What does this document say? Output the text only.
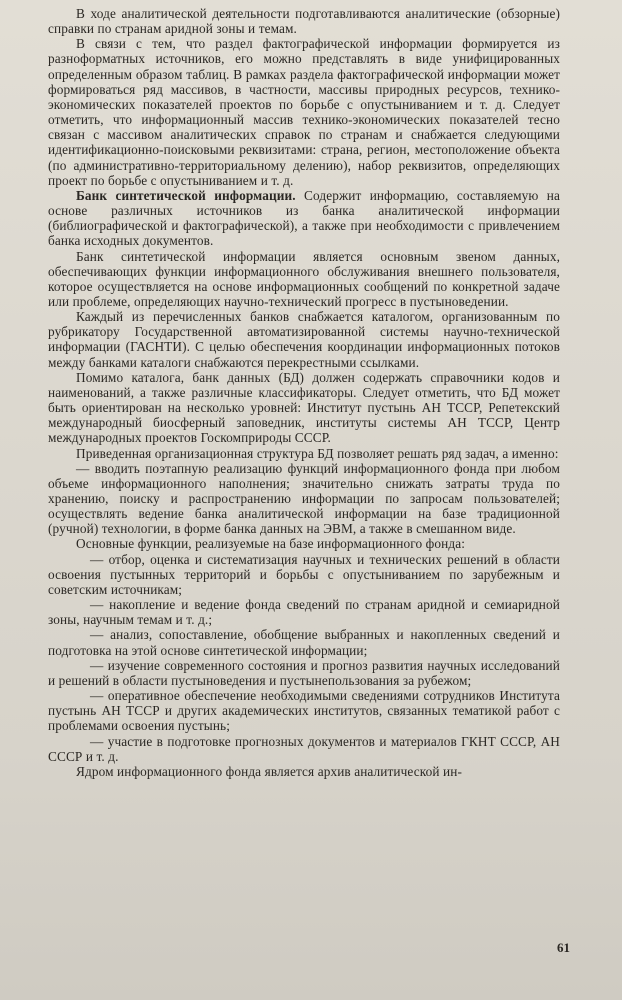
В ходе аналитической деятельности подготавливаются аналитические (обзорные) справки по странам аридной зоны и темам.

В связи с тем, что раздел фактографической информации формируется из разноформатных источников, его можно представлять в виде унифицированных определенным образом таблиц. В рамках раздела фактографической информации может формироваться ряд массивов, в частности, массивы природных ресурсов, технико-экономических показателей проектов по борьбе с опустыниванием и т. д. Следует отметить, что информационный массив технико-экономических показателей тесно связан с массивом аналитических справок по странам и снабжается следующими идентификационно-поисковыми реквизитами: страна, регион, местоположение объекта (по административно-территориальному делению), набор реквизитов, определяющих проект по борьбе с опустыниванием и т. д.

Банк синтетической информации. Содержит информацию, составляемую на основе различных источников из банка аналитической информации (библиографической и фактографической), а также при необходимости с привлечением банка исходных документов.

Банк синтетической информации является основным звеном данных, обеспечивающих функции информационного обслуживания внешнего пользователя, которое осуществляется на основе информационных сообщений по конкретной задаче или проблеме, определяющих научно-технический прогресс в пустыноведении.

Каждый из перечисленных банков снабжается каталогом, организованным по рубрикатору Государственной автоматизированной системы научно-технической информации (ГАСНТИ). С целью обеспечения координации информационных потоков между банками каталоги снабжаются перекрестными ссылками.

Помимо каталога, банк данных (БД) должен содержать справочники кодов и наименований, а также различные классификаторы. Следует отметить, что БД может быть ориентирован на несколько уровней: Институт пустынь АН ТССР, Репетекский международный биосферный заповедник, институты системы АН ТССР, Центр международных проектов Госкомприроды СССР.

Приведенная организационная структура БД позволяет решать ряд задач, а именно:

— вводить поэтапную реализацию функций информационного фонда при любом объеме информационного наполнения; значительно снижать затраты труда по хранению, поиску и распространению информации по запросам пользователей; осуществлять ведение банка аналитической информации на базе традиционной (ручной) технологии, в форме банка данных на ЭВМ, а также в смешанном виде.

Основные функции, реализуемые на базе информационного фонда:

— отбор, оценка и систематизация научных и технических решений в области освоения пустынных территорий и борьбы с опустыниванием по зарубежным и советским источникам;

— накопление и ведение фонда сведений по странам аридной и семиаридной зоны, научным темам и т. д.;

— анализ, сопоставление, обобщение выбранных и накопленных сведений и подготовка на этой основе синтетической информации;

— изучение современного состояния и прогноз развития научных исследований и решений в области пустыноведения и пустынепользования за рубежом;

— оперативное обеспечение необходимыми сведениями сотрудников Института пустынь АН ТССР и других академических институтов, связанных тематикой работ с проблемами освоения пустынь;

— участие в подготовке прогнозных документов и материалов ГКНТ СССР, АН СССР и т. д.

Ядром информационного фонда является архив аналитической ин-

61
